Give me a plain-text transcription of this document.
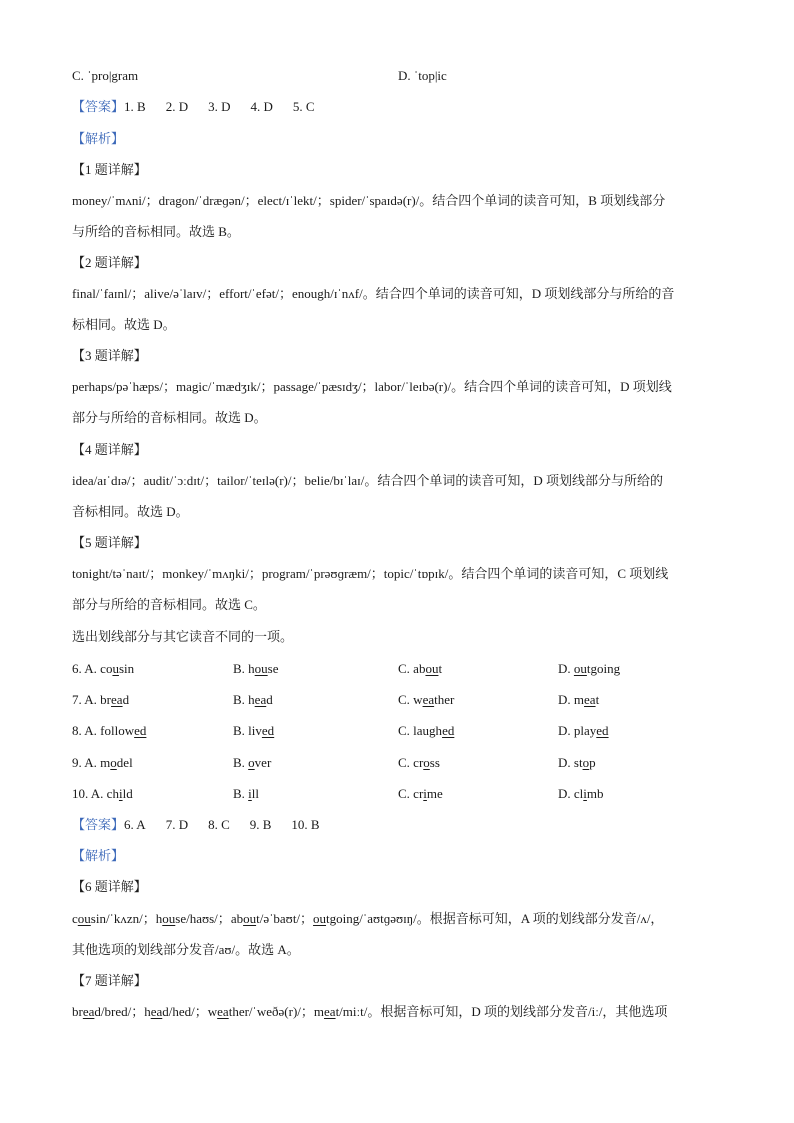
C. ˈpro|gram	D. ˈtop|ic
【答案】1. B 2. D 3. D 4. D 5. C
【解析】
【1 题详解】
money/ˈmʌni/；dragon/ˈdræɡən/；elect/ɪˈlekt/；spider/ˈspaɪdə(r)/。结合四个单词的读音可知，B 项划线部分
与所给的音标相同。故选 B。
【2 题详解】
final/ˈfaɪnl/；alive/əˈlaɪv/；effort/ˈefət/；enough/ɪˈnʌf/。结合四个单词的读音可知，D 项划线部分与所给的音
标相同。故选 D。
【3 题详解】
perhaps/pəˈhæps/；magic/ˈmædʒɪk/；passage/ˈpæsɪdʒ/；labor/ˈleɪbə(r)/。结合四个单词的读音可知，D 项划线
部分与所给的音标相同。故选 D。
【4 题详解】
idea/aɪˈdɪə/；audit/ˈɔːdɪt/；tailor/ˈteɪlə(r)/；belie/bɪˈlaɪ/。结合四个单词的读音可知，D 项划线部分与所给的
音标相同。故选 D。
【5 题详解】
tonight/təˈnaɪt/；monkey/ˈmʌŋki/；program/ˈprəʊɡræm/；topic/ˈtɒpɪk/。结合四个单词的读音可知，C 项划线
部分与所给的音标相同。故选 C。
选出划线部分与其它读音不同的一项。
6. A. cousin	B. house	C. about	D. outgoing
7. A. bread	B. head	C. weather	D. meat
8. A. followed	B. lived	C. laughed	D. played
9. A. model	B. over	C. cross	D. stop
10. A. child	B. ill	C. crime	D. climb
【答案】6. A 7. D 8. C 9. B 10. B
【解析】
【6 题详解】
cousin/ˈkʌzn/；house/haʊs/；about/əˈbaʊt/；outgoing/ˈaʊtɡəʊɪŋ/。根据音标可知，A 项的划线部分发音/ʌ/，
其他选项的划线部分发音/aʊ/。故选 A。
【7 题详解】
bread/bred/；head/hed/；weather/ˈweðə(r)/；meat/miːt/。根据音标可知，D 项的划线部分发音/iː/，其他选项
